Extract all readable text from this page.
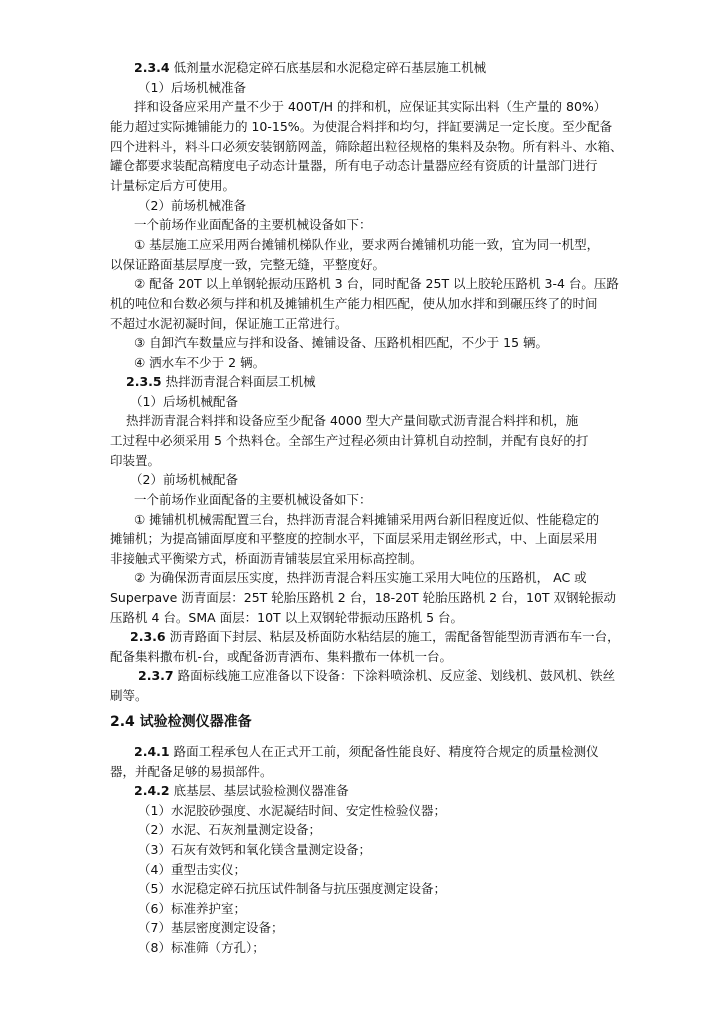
2.3.4 低剂量水泥稳定碎石底基层和水泥稳定碎石基层施工机械
（1）后场机械准备
拌和设备应采用产量不少于 400T/H 的拌和机，应保证其实际出料（生产量的 80%）
能力超过实际摊铺能力的 10-15%。为使混合料拌和均匀，拌缸要满足一定长度。至少配备
四个进料斗，料斗口必须安装钢筋网盖，筛除超出粒径规格的集料及杂物。所有料斗、水箱、
罐仓都要求装配高精度电子动态计量器，所有电子动态计量器应经有资质的计量部门进行
计量标定后方可使用。
（2）前场机械准备
一个前场作业面配备的主要机械设备如下：
① 基层施工应采用两台摊铺机梯队作业，要求两台摊铺机功能一致，宜为同一机型，
以保证路面基层厚度一致，完整无缝，平整度好。
② 配备 20T 以上单钢轮振动压路机 3 台，同时配备 25T 以上胶轮压路机 3-4 台。压路
机的吨位和台数必须与拌和机及摊铺机生产能力相匹配，使从加水拌和到碾压终了的时间
不超过水泥初凝时间，保证施工正常进行。
③ 自卸汽车数量应与拌和设备、摊铺设备、压路机相匹配，不少于 15 辆。
④ 洒水车不少于 2 辆。
2.3.5 热拌沥青混合料面层工机械
（1）后场机械配备
热拌沥青混合料拌和设备应至少配备 4000 型大产量间歇式沥青混合料拌和机，施
工过程中必须采用 5 个热料仓。全部生产过程必须由计算机自动控制，并配有良好的打
印装置。
（2）前场机械配备
一个前场作业面配备的主要机械设备如下：
① 摊铺机机械需配置三台，热拌沥青混合料摊铺采用两台新旧程度近似、性能稳定的
摊铺机；为提高铺面厚度和平整度的控制水平，下面层采用走钢丝形式，中、上面层采用
非接触式平衡梁方式，桥面沥青铺装层宜采用标高控制。
② 为确保沥青面层压实度，热拌沥青混合料压实施工采用大吨位的压路机， AC 或
Superpave 沥青面层：25T 轮胎压路机 2 台，18-20T 轮胎压路机 2 台，10T 双钢轮振动
压路机 4 台。SMA 面层：10T 以上双钢轮带振动压路机 5 台。
2.3.6 沥青路面下封层、粘层及桥面防水粘结层的施工，需配备智能型沥青洒布车一台，
配备集料撒布机-台，或配备沥青洒布、集料撒布一体机一台。
2.3.7 路面标线施工应准备以下设备：下涂料喷涂机、反应釜、划线机、鼓风机、铁丝
刷等。
2.4 试验检测仪器准备
2.4.1 路面工程承包人在正式开工前，须配备性能良好、精度符合规定的质量检测仪
器，并配备足够的易损部件。
2.4.2 底基层、基层试验检测仪器准备
（1）水泥胶砂强度、水泥凝结时间、安定性检验仪器；
（2）水泥、石灰剂量测定设备；
（3）石灰有效钙和氧化镁含量测定设备；
（4）重型击实仪；
（5）水泥稳定碎石抗压试件制备与抗压强度测定设备；
（6）标准养护室；
（7）基层密度测定设备；
（8）标准筛（方孔）；
